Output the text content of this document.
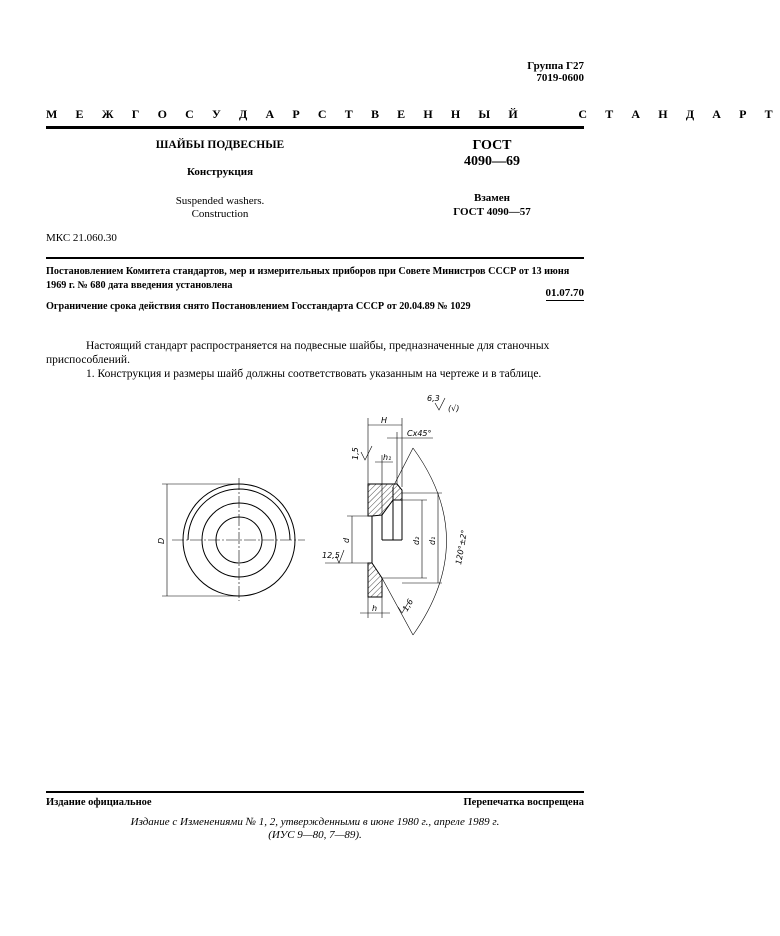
Группа Г27
7019-0600
М Е Ж Г О С У Д А Р С Т В Е Н Н Ы Й     С Т А Н Д А Р Т
ШАЙБЫ ПОДВЕСНЫЕ
Конструкция
Suspended washers.
Construction
ГОСТ
4090—69
Взамен
ГОСТ 4090—57
МКС 21.060.30
Постановлением Комитета стандартов, мер и измерительных приборов при Совете Министров СССР от 13 июня
1969 г. № 680 дата введения установлена
01.07.70
Ограничение срока действия снято Постановлением Госстандарта СССР от 20.04.89 № 1029
Настоящий стандарт распространяется на подвесные шайбы, предназначенные для станочных
приспособлений.
1. Конструкция и размеры шайб должны соответствовать указанным на чертеже и в таблице.
6,3
(√)
H
Cx45°
h₁
1,5
D	d
12,5
d₂ d₁ 120°±2°
1,6
h
Издание официальное	Перепечатка воспрещена
Издание с Изменениями № 1, 2, утвержденными в июне 1980 г., апреле 1989 г.
(ИУС 9—80, 7—89).
